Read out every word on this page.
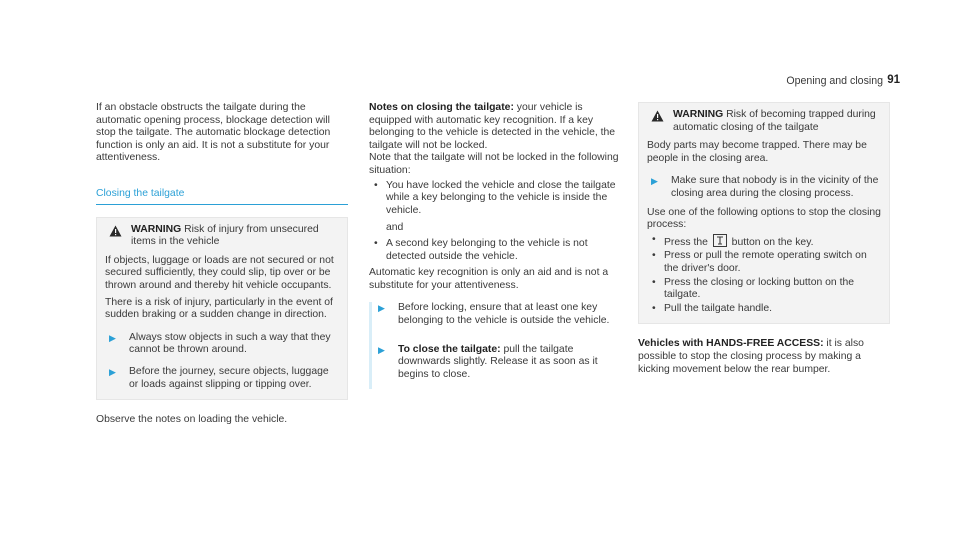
Opening and closing 91

If an obstacle obstructs the tailgate during the automatic opening process, blockage detection will stop the tailgate. The automatic blockage detection function is only an aid. It is not a substitute for your attentiveness.

Closing the tailgate
WARNING Risk of injury from unsecured items in the vehicle

If objects, luggage or loads are not secured or not secured sufficiently, they could slip, tip over or be thrown around and thereby hit vehicle occupants.

There is a risk of injury, particularly in the event of sudden braking or a sudden change in direction.

▶	Always stow objects in such a way that they cannot be thrown around.
▶	Before the journey, secure objects, luggage or loads against slipping or tipping over.

Observe the notes on loading the vehicle.

Notes on closing the tailgate: your vehicle is equipped with automatic key recognition. If a key belonging to the vehicle is detected in the vehicle, the tailgate will not be locked.

Note that the tailgate will not be locked in the following situation:

• You have locked the vehicle and close the tailgate while a key belonging to the vehicle is inside the vehicle.

and

• A second key belonging to the vehicle is not detected outside the vehicle.

Automatic key recognition is only an aid and is not a substitute for your attentiveness.

▶	Before locking, ensure that at least one key belonging to the vehicle is outside the vehicle.
▶	To close the tailgate: pull the tailgate downwards slightly. Release it as soon as it begins to close.
WARNING Risk of becoming trapped during automatic closing of the tailgate

Body parts may become trapped. There may be people in the closing area.

▶	Make sure that nobody is in the vicinity of the closing area during the closing process.

Use one of the following options to stop the closing process:

• Press the
button on the key.
• Press or pull the remote operating switch on the driver's door.
• Press the closing or locking button on the tailgate.
• Pull the tailgate handle.

Vehicles with HANDS-FREE ACCESS: it is also possible to stop the closing process by making a kicking movement below the rear bumper.
